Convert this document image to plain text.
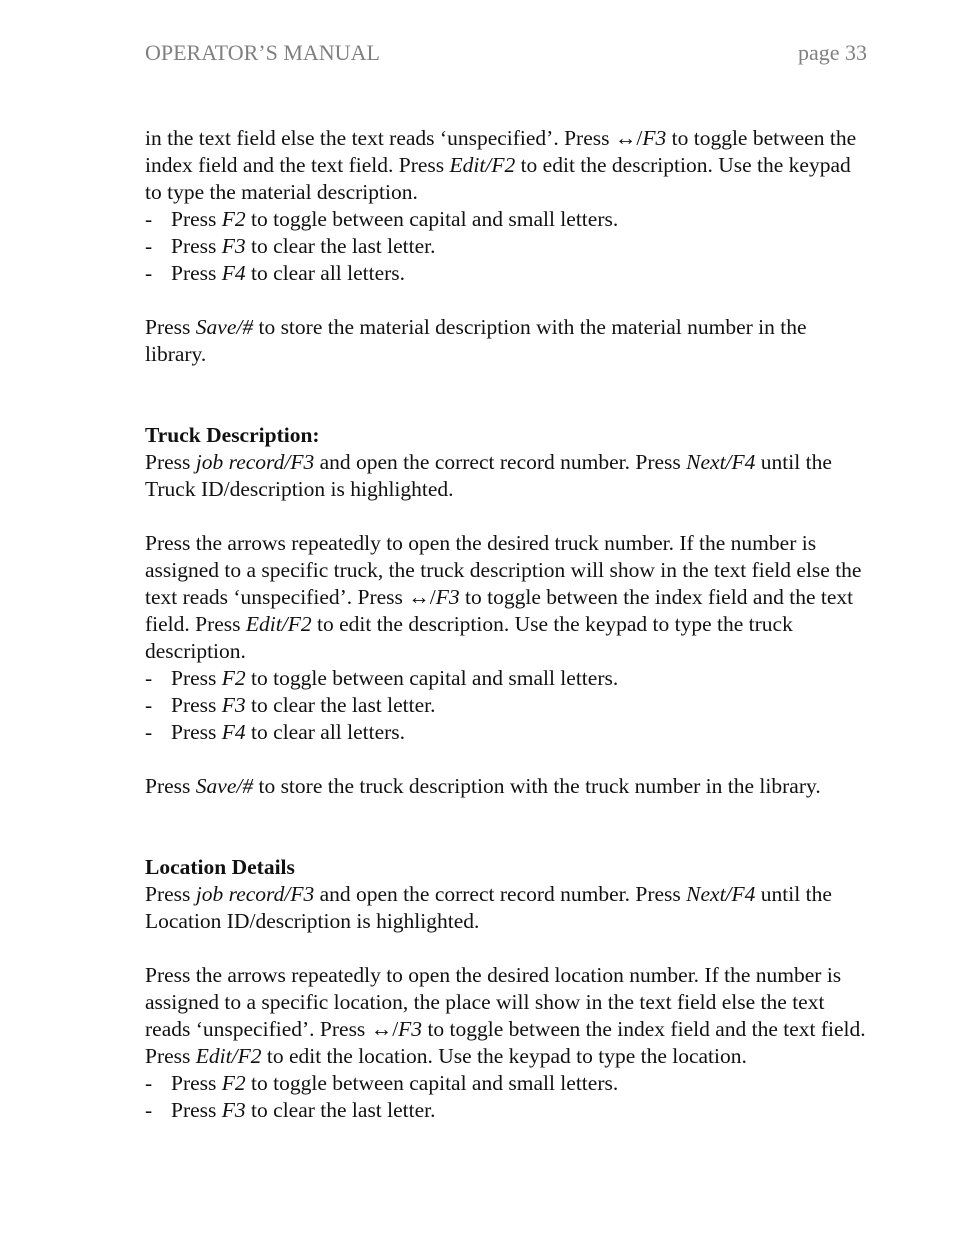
OPERATOR’S MANUAL	page 33

in the text field else the text reads ‘unspecified’. Press ↔/F3 to toggle between the index field and the text field. Press Edit/F2 to edit the description. Use the keypad to type the material description.

- Press F2 to toggle between capital and small letters.

- Press F3 to clear the last letter.

- Press F4 to clear all letters.

Press Save/# to store the material description with the material number in the library.

Truck Description:

Press job record/F3 and open the correct record number. Press Next/F4 until the Truck ID/description is highlighted.

Press the arrows repeatedly to open the desired truck number. If the number is assigned to a specific truck, the truck description will show in the text field else the text reads ‘unspecified’. Press ↔/F3 to toggle between the index field and the text field. Press Edit/F2 to edit the description. Use the keypad to type the truck description.

- Press F2 to toggle between capital and small letters.

- Press F3 to clear the last letter.

- Press F4 to clear all letters.

Press Save/# to store the truck description with the truck number in the library.

Location Details

Press job record/F3 and open the correct record number. Press Next/F4 until the Location ID/description is highlighted.

Press the arrows repeatedly to open the desired location number. If the number is assigned to a specific location, the place will show in the text field else the text reads ‘unspecified’. Press ↔/F3 to toggle between the index field and the text field. Press Edit/F2 to edit the location. Use the keypad to type the location.

- Press F2 to toggle between capital and small letters.

- Press F3 to clear the last letter.
